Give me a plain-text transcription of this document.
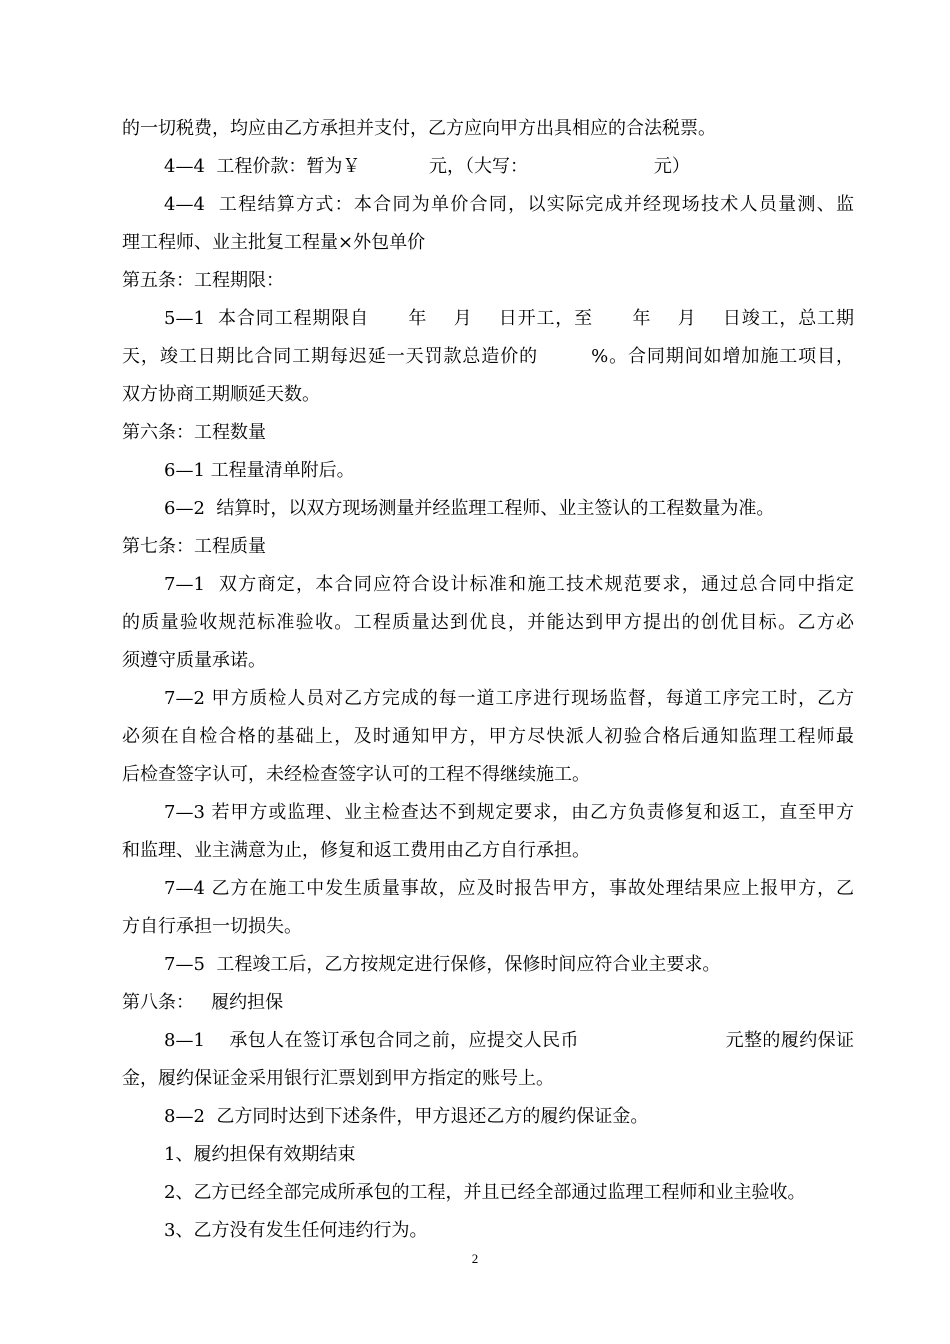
的一切税费，均应由乙方承担并支付，乙方应向甲方出具相应的合法税票。
4—4  工程价款：暂为￥            元，（大写：                      元）
4—4  工程结算方式：本合同为单价合同，以实际完成并经现场技术人员量测、监
理工程师、业主批复工程量×外包单价
第五条：工程期限：
5—1  本合同工程期限自      年    月    日开工，至      年    月    日竣工，总工期
天，竣工日期比合同工期每迟延一天罚款总造价的        %。合同期间如增加施工项目，
双方协商工期顺延天数。
第六条：工程数量
6—1 工程量清单附后。
6—2  结算时，以双方现场测量并经监理工程师、业主签认的工程数量为准。
第七条：工程质量
7—1  双方商定，本合同应符合设计标准和施工技术规范要求，通过总合同中指定
的质量验收规范标准验收。工程质量达到优良，并能达到甲方提出的创优目标。乙方必
须遵守质量承诺。
7—2 甲方质检人员对乙方完成的每一道工序进行现场监督，每道工序完工时，乙方
必须在自检合格的基础上，及时通知甲方，甲方尽快派人初验合格后通知监理工程师最
后检查签字认可，未经检查签字认可的工程不得继续施工。
7—3 若甲方或监理、业主检查达不到规定要求，由乙方负责修复和返工，直至甲方
和监理、业主满意为止，修复和返工费用由乙方自行承担。
7—4 乙方在施工中发生质量事故，应及时报告甲方，事故处理结果应上报甲方，乙
方自行承担一切损失。
7—5  工程竣工后，乙方按规定进行保修，保修时间应符合业主要求。
第八条：   履约担保
8—1    承包人在签订承包合同之前，应提交人民币                        元整的履约保证
金，履约保证金采用银行汇票划到甲方指定的账号上。
8—2  乙方同时达到下述条件，甲方退还乙方的履约保证金。
1、履约担保有效期结束
2、乙方已经全部完成所承包的工程，并且已经全部通过监理工程师和业主验收。
3、乙方没有发生任何违约行为。
2
